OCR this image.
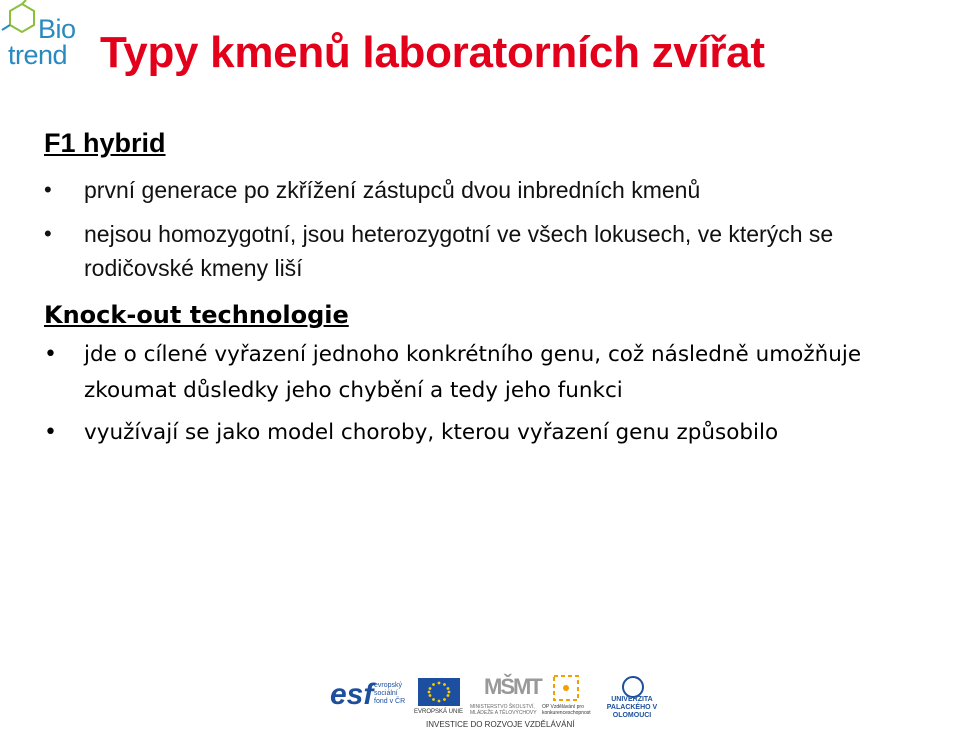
Bio
trend Typy kmenů laboratorních zvířat
F1 hybrid
• první generace po zkřížení zástupců dvou inbredních kmenů
• nejsou homozygotní, jsou heterozygotní ve všech lokusech, ve kterých se rodičovské kmeny liší
Knock-out technologie
• jde o cílené vyřazení jednoho konkrétního genu, což následně umožňuje zkoumat důsledky jeho chybění a tedy jeho funkci
• využívají se jako model choroby, kterou vyřazení genu způsobilo
esf evropský sociální fond v ČR
EVROPSKÁ UNIE
MŠMT
MINISTERSTVO ŠKOLSTVÍ, MLÁDEŽE A TĚLOVÝCHOVY
OP Vzdělávání pro konkurenceschopnost
UNIVERZITA PALACKÉHO V OLOMOUCI
INVESTICE DO ROZVOJE VZDĚLÁVÁNÍ
